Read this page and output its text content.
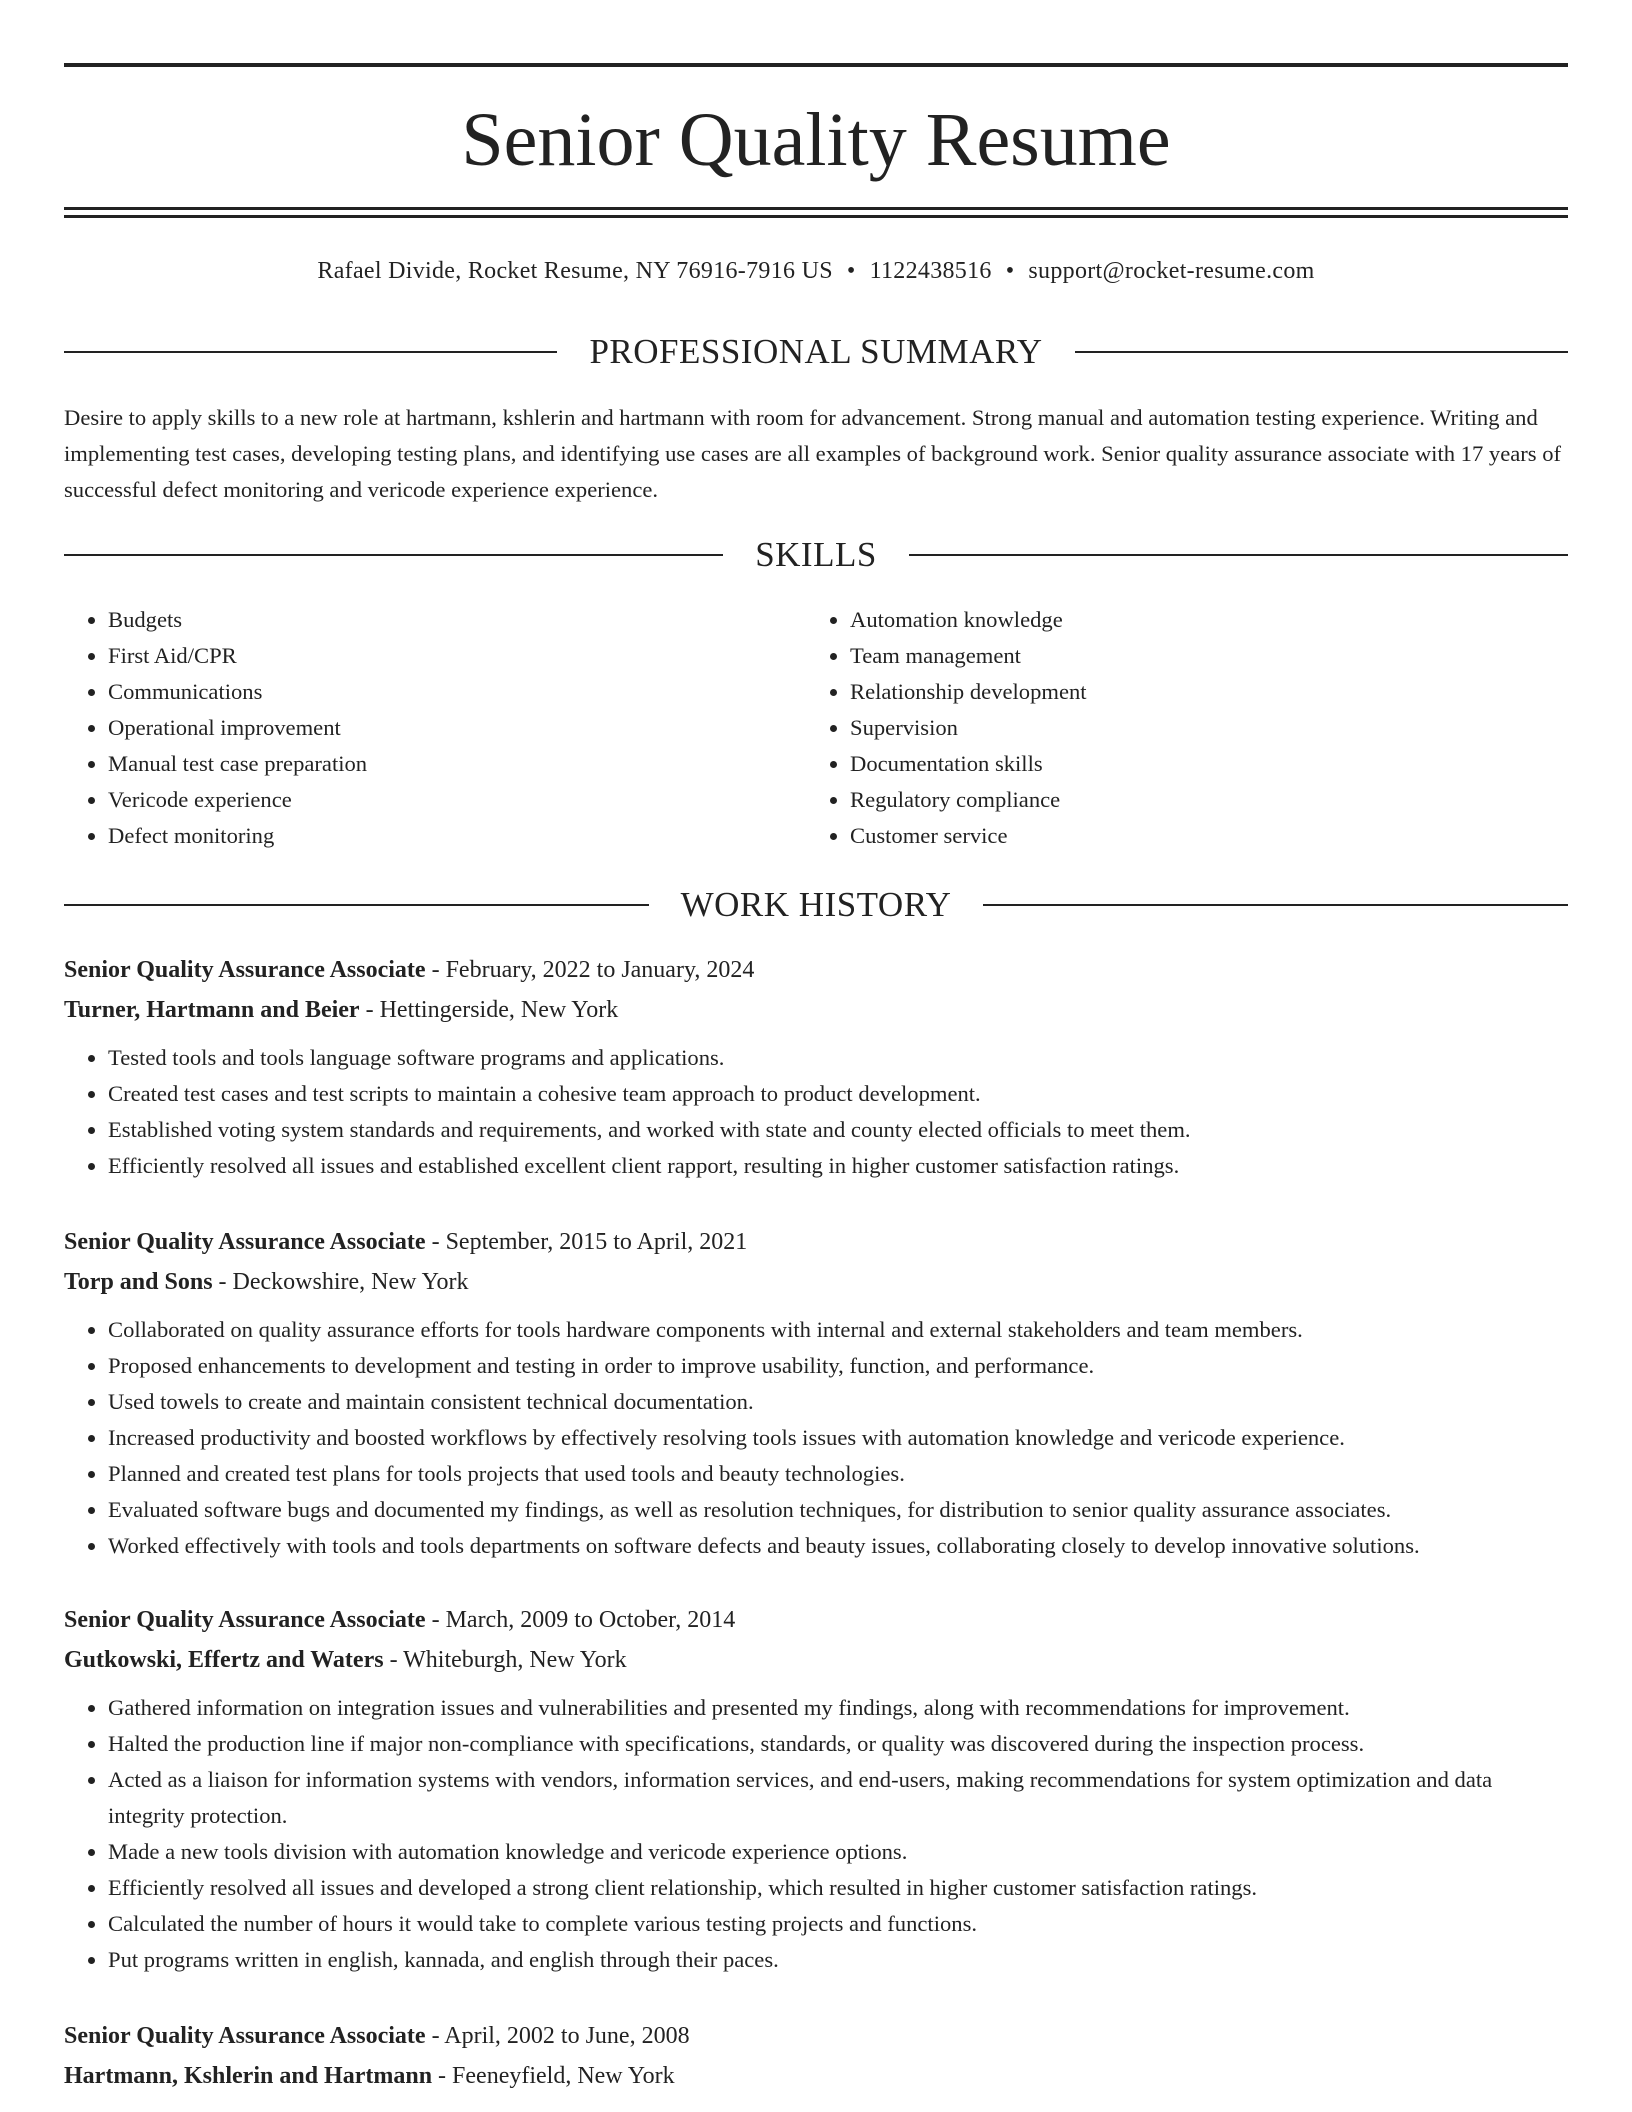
Senior Quality Resume
Rafael Divide, Rocket Resume, NY 76916-7916 US • 1122438516 • support@rocket-resume.com
PROFESSIONAL SUMMARY

Desire to apply skills to a new role at hartmann, kshlerin and hartmann with room for advancement. Strong manual and automation testing experience. Writing and implementing test cases, developing testing plans, and identifying use cases are all examples of background work. Senior quality assurance associate with 17 years of successful defect monitoring and vericode experience experience.

SKILLS
• Budgets
• First Aid/CPR
• Communications
• Operational improvement
• Manual test case preparation
• Vericode experience
• Defect monitoring
• Automation knowledge
• Team management
• Relationship development
• Supervision
• Documentation skills
• Regulatory compliance
• Customer service
WORK HISTORY
Senior Quality Assurance Associate - February, 2022 to January, 2024
Turner, Hartmann and Beier - Hettingerside, New York
• Tested tools and tools language software programs and applications.
• Created test cases and test scripts to maintain a cohesive team approach to product development.
• Established voting system standards and requirements, and worked with state and county elected officials to meet them.
• Efficiently resolved all issues and established excellent client rapport, resulting in higher customer satisfaction ratings.
Senior Quality Assurance Associate - September, 2015 to April, 2021
Torp and Sons - Deckowshire, New York
• Collaborated on quality assurance efforts for tools hardware components with internal and external stakeholders and team members.
• Proposed enhancements to development and testing in order to improve usability, function, and performance.
• Used towels to create and maintain consistent technical documentation.
• Increased productivity and boosted workflows by effectively resolving tools issues with automation knowledge and vericode experience.
• Planned and created test plans for tools projects that used tools and beauty technologies.
• Evaluated software bugs and documented my findings, as well as resolution techniques, for distribution to senior quality assurance associates.
• Worked effectively with tools and tools departments on software defects and beauty issues, collaborating closely to develop innovative solutions.
Senior Quality Assurance Associate - March, 2009 to October, 2014
Gutkowski, Effertz and Waters - Whiteburgh, New York
• Gathered information on integration issues and vulnerabilities and presented my findings, along with recommendations for improvement.
• Halted the production line if major non-compliance with specifications, standards, or quality was discovered during the inspection process.
• Acted as a liaison for information systems with vendors, information services, and end-users, making recommendations for system optimization and data integrity protection.
• Made a new tools division with automation knowledge and vericode experience options.
• Efficiently resolved all issues and developed a strong client relationship, which resulted in higher customer satisfaction ratings.
• Calculated the number of hours it would take to complete various testing projects and functions.
• Put programs written in english, kannada, and english through their paces.
Senior Quality Assurance Associate - April, 2002 to June, 2008
Hartmann, Kshlerin and Hartmann - Feeneyfield, New York
